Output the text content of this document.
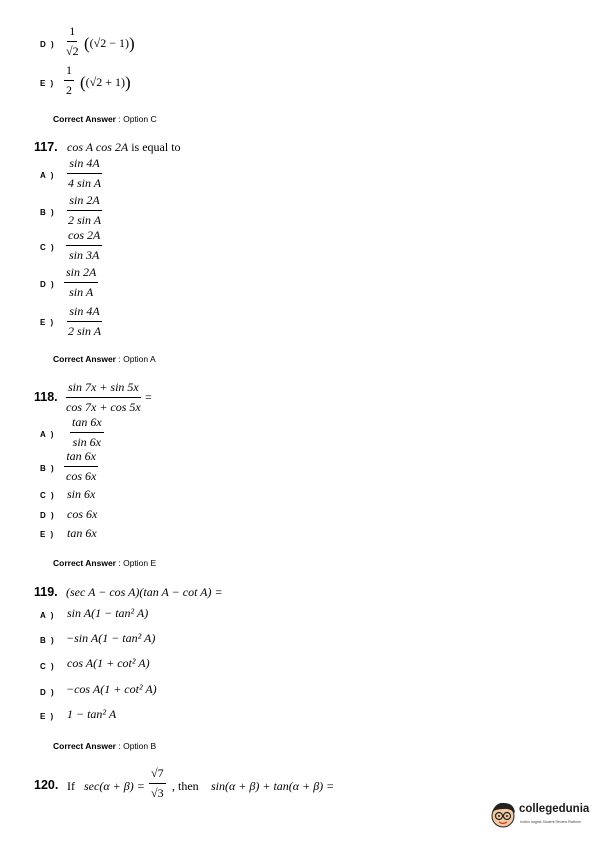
D ) $\frac{1}{√2} ((√2 - 1))$
E ) $\frac{1}{2} ((√2 + 1))$
Correct Answer : Option C
117. cos A cos 2A is equal to
A ) $\frac{\sin 4A}{\text{4 sin A}}$
B ) $\frac{\sin 2A}{\text{2 sin A}}$
C ) $\frac{\cos 2A}{\sin 3A}$
D ) $\frac{\sin 2A}{\text{sin A}}$
E ) $\frac{\sin 4A}{\text{2 sin A}}$
Correct Answer : Option A
118. $\frac{\sin 7x + \sin 5x}{\cos 7x + \cos 5x}$ =
A ) $\frac{\tan 6x}{\sin 6x}$
B ) $\frac{\tan 6x}{\cos 6x}$
C ) sin 6x
D ) cos 6x
E ) tan 6x
Correct Answer : Option E
119. (sec A − cos A)(tan A − cot A) =
A ) sin A(1 − tan² A)
B ) −sin A(1 − tan² A)
C ) cos A(1 + cot² A)
D ) −cos A(1 + cot² A)
E ) 1 − tan² A
Correct Answer : Option B
120. If $\sec(\alpha + \beta) = \frac{√7}{√3}$ , then sin(α + β) + tan(α + β) =
collegedunia
India's largest Student Review Platform
